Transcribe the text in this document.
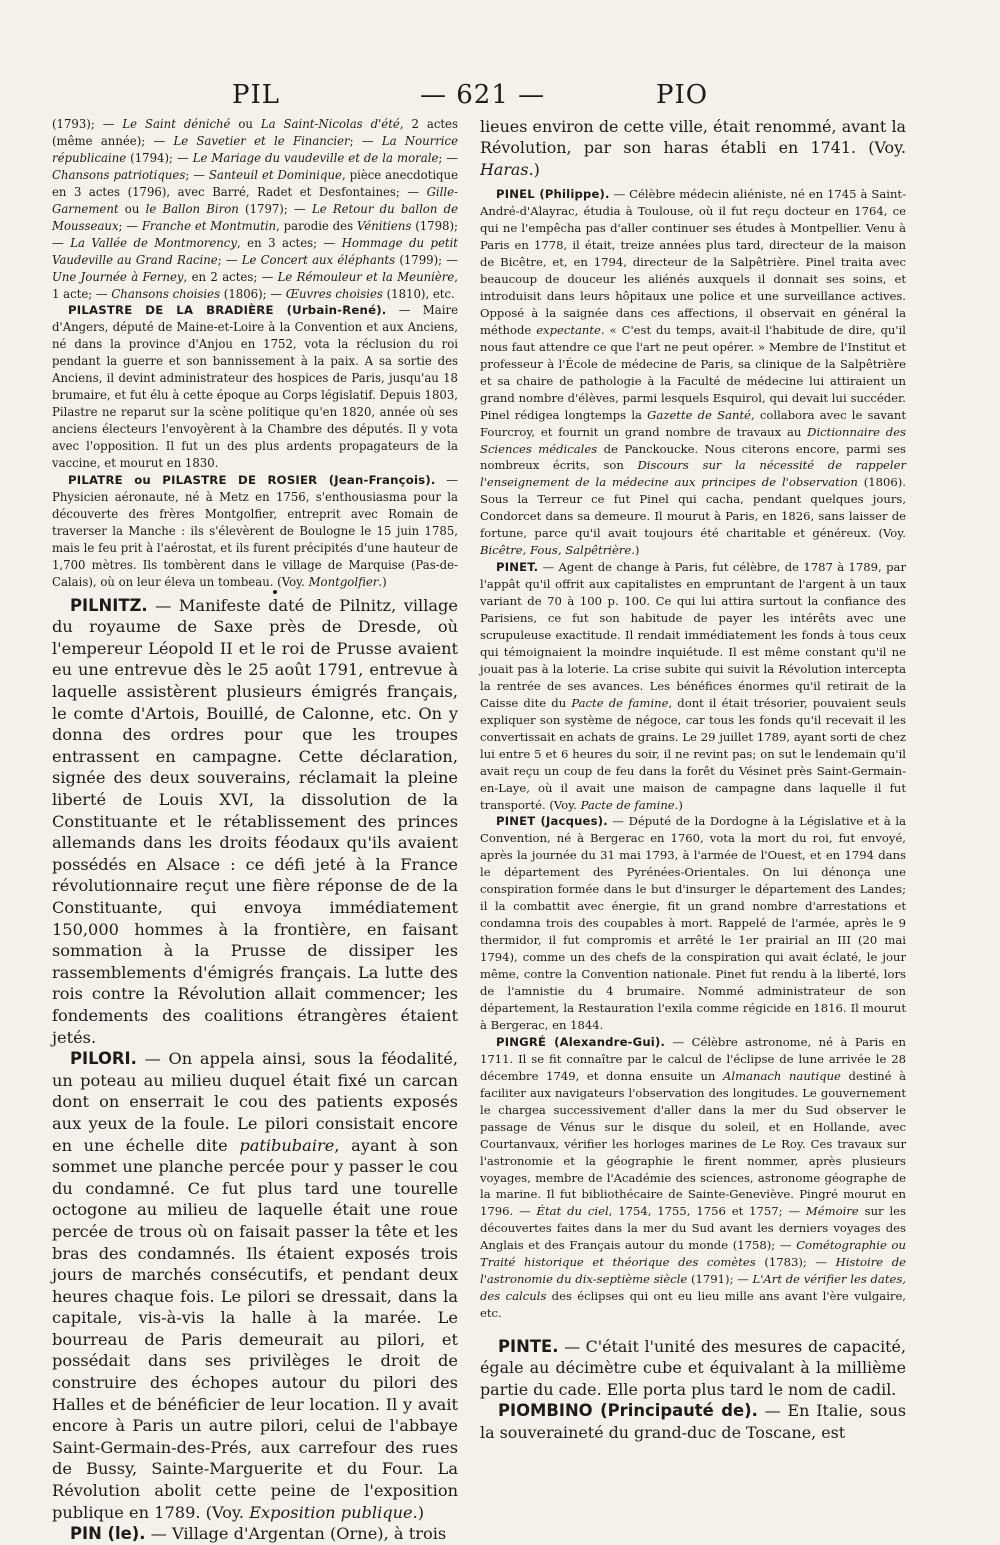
PIL	— 621 —	PIO

(1793); — Le Saint déniché ou La Saint-Nicolas d'été, 2 actes (même année); — Le Savetier et le Financier; — La Nourrice républicaine (1794); — Le Mariage du vaudeville et de la morale; — Chansons patriotiques; — Santeuil et Dominique, pièce anecdotique en 3 actes (1796), avec Barré, Radet et Desfontaines; — Gille-Garnement ou le Ballon Biron (1797); — Le Retour du ballon de Mousseaux; — Franche et Montmutin, parodie des Vénitiens (1798); — La Vallée de Montmorency, en 3 actes; — Hommage du petit Vaudeville au Grand Racine; — Le Concert aux éléphants (1799); — Une Journée à Ferney, en 2 actes; — Le Rémouleur et la Meunière, 1 acte; — Chansons choisies (1806); — Œuvres choisies (1810), etc.

PILASTRE DE LA BRADIÈRE (Urbain-René). — Maire d'Angers, député de Maine-et-Loire à la Convention et aux Anciens, né dans la province d'Anjou en 1752, vota la réclusion du roi pendant la guerre et son bannissement à la paix. A sa sortie des Anciens, il devint administrateur des hospices de Paris, jusqu'au 18 brumaire, et fut élu à cette époque au Corps législatif. Depuis 1803, Pilastre ne reparut sur la scène politique qu'en 1820, année où ses anciens électeurs l'envoyèrent à la Chambre des députés. Il y vota avec l'opposition. Il fut un des plus ardents propagateurs de la vaccine, et mourut en 1830.

PILATRE ou PILASTRE DE ROSIER (Jean-François). — Physicien aéronaute, né à Metz en 1756, s'enthousiasma pour la découverte des frères Montgolfier, entreprit avec Romain de traverser la Manche : ils s'élevèrent de Boulogne le 15 juin 1785, mais le feu prit à l'aérostat, et ils furent précipités d'une hauteur de 1,700 mètres. Ils tombèrent dans le village de Marquise (Pas-de-Calais), où on leur éleva un tombeau. (Voy. Montgolfier.)

PILNITZ. — Manifeste daté de Pilnitz, village du royaume de Saxe près de Dresde, où l'empereur Léopold II et le roi de Prusse avaient eu une entrevue dès le 25 août 1791, entrevue à laquelle assistèrent plusieurs émigrés français, le comte d'Artois, Bouillé, de Calonne, etc. On y donna des ordres pour que les troupes entrassent en campagne. Cette déclaration, signée des deux souverains, réclamait la pleine liberté de Louis XVI, la dissolution de la Constituante et le rétablissement des princes allemands dans les droits féodaux qu'ils avaient possédés en Alsace : ce défi jeté à la France révolutionnaire reçut une fière réponse de de la Constituante, qui envoya immédiatement 150,000 hommes à la frontière, en faisant sommation à la Prusse de dissiper les rassemblements d'émigrés français. La lutte des rois contre la Révolution allait commencer; les fondements des coalitions étrangères étaient jetés.

PILORI. — On appela ainsi, sous la féodalité, un poteau au milieu duquel était fixé un carcan dont on enserrait le cou des patients exposés aux yeux de la foule. Le pilori consistait encore en une échelle dite patibubaire, ayant à son sommet une planche percée pour y passer le cou du condamné. Ce fut plus tard une tourelle octogone au milieu de laquelle était une roue percée de trous où on faisait passer la tête et les bras des condamnés. Ils étaient exposés trois jours de marchés consécutifs, et pendant deux heures chaque fois. Le pilori se dressait, dans la capitale, vis-à-vis la halle à la marée. Le bourreau de Paris demeurait au pilori, et possédait dans ses privilèges le droit de construire des échopes autour du pilori des Halles et de bénéficier de leur location. Il y avait encore à Paris un autre pilori, celui de l'abbaye Saint-Germain-des-Prés, aux carrefour des rues de Bussy, Sainte-Marguerite et du Four. La Révolution abolit cette peine de l'exposition publique en 1789. (Voy. Exposition publique.)

PIN (le). — Village d'Argentan (Orne), à trois

lieues environ de cette ville, était renommé, avant la Révolution, par son haras établi en 1741. (Voy. Haras.)

PINEL (Philippe). — Célèbre médecin aliéniste, né en 1745 à Saint-André-d'Alayrac, étudia à Toulouse, où il fut reçu docteur en 1764, ce qui ne l'empêcha pas d'aller continuer ses études à Montpellier. Venu à Paris en 1778, il était, treize années plus tard, directeur de la maison de Bicêtre, et, en 1794, directeur de la Salpêtrière. Pinel traita avec beaucoup de douceur les aliénés auxquels il donnait ses soins, et introduisit dans leurs hôpitaux une police et une surveillance actives. Opposé à la saignée dans ces affections, il observait en général la méthode expectante. « C'est du temps, avait-il l'habitude de dire, qu'il nous faut attendre ce que l'art ne peut opérer. » Membre de l'Institut et professeur à l'École de médecine de Paris, sa clinique de la Salpêtrière et sa chaire de pathologie à la Faculté de médecine lui attiraient un grand nombre d'élèves, parmi lesquels Esquirol, qui devait lui succéder. Pinel rédigea longtemps la Gazette de Santé, collabora avec le savant Fourcroy, et fournit un grand nombre de travaux au Dictionnaire des Sciences médicales de Panckoucke. Nous citerons encore, parmi ses nombreux écrits, son Discours sur la nécessité de rappeler l'enseignement de la médecine aux principes de l'observation (1806). Sous la Terreur ce fut Pinel qui cacha, pendant quelques jours, Condorcet dans sa demeure. Il mourut à Paris, en 1826, sans laisser de fortune, parce qu'il avait toujours été charitable et généreux. (Voy. Bicêtre, Fous, Salpêtrière.)

PINET. — Agent de change à Paris, fut célèbre, de 1787 à 1789, par l'appât qu'il offrit aux capitalistes en empruntant de l'argent à un taux variant de 70 à 100 p. 100. Ce qui lui attira surtout la confiance des Parisiens, ce fut son habitude de payer les intérêts avec une scrupuleuse exactitude. Il rendait immédiatement les fonds à tous ceux qui témoignaient la moindre inquiétude. Il est même constant qu'il ne jouait pas à la loterie. La crise subite qui suivit la Révolution intercepta la rentrée de ses avances. Les bénéfices énormes qu'il retirait de la Caisse dite du Pacte de famine, dont il était trésorier, pouvaient seuls expliquer son système de négoce, car tous les fonds qu'il recevait il les convertissait en achats de grains. Le 29 juillet 1789, ayant sorti de chez lui entre 5 et 6 heures du soir, il ne revint pas; on sut le lendemain qu'il avait reçu un coup de feu dans la forêt du Vésinet près Saint-Germain-en-Laye, où il avait une maison de campagne dans laquelle il fut transporté. (Voy. Pacte de famine.)

PINET (Jacques). — Député de la Dordogne à la Législative et à la Convention, né à Bergerac en 1760, vota la mort du roi, fut envoyé, après la journée du 31 mai 1793, à l'armée de l'Ouest, et en 1794 dans le département des Pyrénées-Orientales. On lui dénonça une conspiration formée dans le but d'insurger le département des Landes; il la combattit avec énergie, fit un grand nombre d'arrestations et condamna trois des coupables à mort. Rappelé de l'armée, après le 9 thermidor, il fut compromis et arrêté le 1er prairial an III (20 mai 1794), comme un des chefs de la conspiration qui avait éclaté, le jour même, contre la Convention nationale. Pinet fut rendu à la liberté, lors de l'amnistie du 4 brumaire. Nommé administrateur de son département, la Restauration l'exila comme régicide en 1816. Il mourut à Bergerac, en 1844.

PINGRÉ (Alexandre-Gui). — Célèbre astronome, né à Paris en 1711. Il se fit connaître par le calcul de l'éclipse de lune arrivée le 28 décembre 1749, et donna ensuite un Almanach nautique destiné à faciliter aux navigateurs l'observation des longitudes. Le gouvernement le chargea successivement d'aller dans la mer du Sud observer le passage de Vénus sur le disque du soleil, et en Hollande, avec Courtanvaux, vérifier les horloges marines de Le Roy. Ces travaux sur l'astronomie et la géographie le firent nommer, après plusieurs voyages, membre de l'Académie des sciences, astronome géographe de la marine. Il fut bibliothécaire de Sainte-Geneviève. Pingré mourut en 1796. — État du ciel, 1754, 1755, 1756 et 1757; — Mémoire sur les découvertes faites dans la mer du Sud avant les derniers voyages des Anglais et des Français autour du monde (1758); — Cométographie ou Traité historique et théorique des comètes (1783); — Histoire de l'astronomie du dix-septième siècle (1791); — L'Art de vérifier les dates, des calculs des éclipses qui ont eu lieu mille ans avant l'ère vulgaire, etc.

PINTE. — C'était l'unité des mesures de capacité, égale au décimètre cube et équivalant à la millième partie du cade. Elle porta plus tard le nom de cadil.

PIOMBINO (Principauté de). — En Italie, sous la souveraineté du grand-duc de Toscane, est
